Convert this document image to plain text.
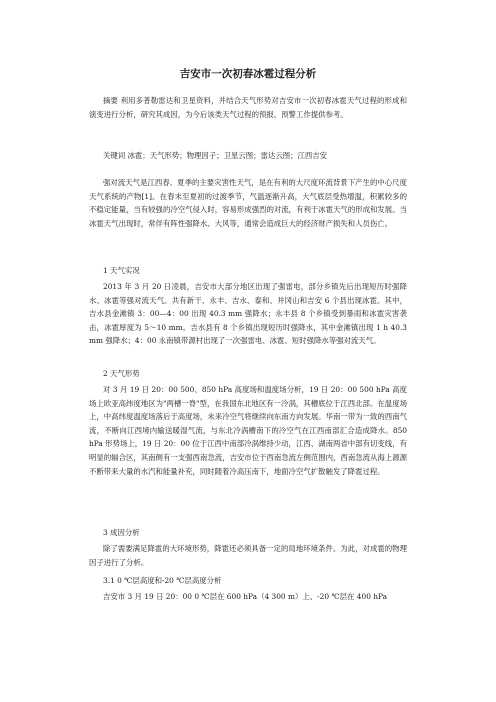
吉安市一次初春冰雹过程分析

摘要 利用多普勒雷达和卫星资料，并结合天气形势对吉安市一次初春冰雹天气过程的形成和演变进行分析，研究其成因，为今后该类天气过程的预报、预警工作提供参考。

关键词 冰雹；天气形势；物理因子；卫星云图；雷达云图；江西吉安

强对流天气是江西春、夏季的主要灾害性天气，是在有利的大尺度环流背景下产生的中心尺度天气系统的产物[1]。在春末至夏初的过渡季节，气温逐渐升高，大气底层受热增温，积累较多的不稳定能量，当有较强的冷空气侵入时，容易形成强烈的对流，有利于冰雹天气的形成和发展。当冰雹天气出现时，常伴有阵性强降水、大风等，通常会造成巨大的经济财产损失和人员伤亡。

1 天气实况

2013 年 3 月 20 日凌晨，吉安市大部分地区出现了强雷电，部分乡镇先后出现短历时强降水、冰雹等强对流天气。共有新干、永丰、吉水、泰和、井冈山和吉安 6 个县出现冰雹。其中，吉水县金滩镇 3：00—4：00 出现 40.3 mm 强降水；永丰县 8 个乡镇受到暴雨和冰雹灾害袭击，冰雹厚度为 5～10 mm。吉水县有 8 个乡镇出现短历时强降水，其中金滩镇出现 1 h 40.3 mm 强降水；4：00 永南镇带源村出现了一次强雷电、冰雹、短时强降水等强对流天气。

2 天气形势

对 3 月 19 日 20：00 500、850 hPa 高度场和温度场分析，19 日 20：00 500 hPa 高度场上欧亚高纬度地区为"两槽一脊"型，在我国东北地区有一冷涡，其槽底位于江西北部。在温度场上，中高纬度温度场落后于高度场，未来冷空气将继续向东南方向发展。华南一带为一致的西南气流，不断向江西境内输送暖湿气流，与东北冷涡槽南下的冷空气在江西南部汇合造成降水。850 hPa 形势场上，19 日 20：00 位于江西中南部冷涡维持少动，江西、湖南两省中部有切变线，有明显的辐合区，其南侧有一支强西南急流，吉安市位于西南急流左侧范围内，西南急流从海上源源不断带来大量的水汽和能量补充，同时随着冷高压南下，地面冷空气扩散触发了降雹过程。

3 成因分析

除了需要满足降雹的大环境形势，降雹还必须具备一定的局地环境条件。为此，对成雹的物理因子进行了分析。

3.1 0 ℃层高度和-20 ℃层高度分析

吉安市 3 月 19 日 20：00 0 ℃层在 600 hPa（4 300 m）上、-20 ℃层在 400 hPa
